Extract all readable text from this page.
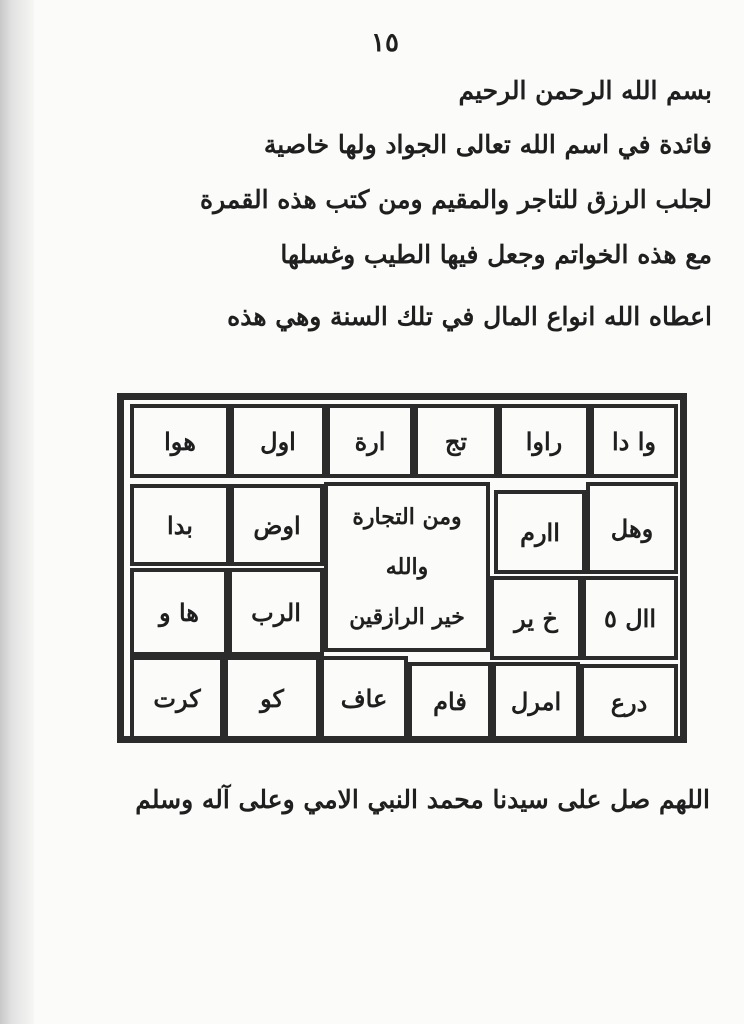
١٥
بسم الله الرحمن الرحيم
فائدة في اسم الله تعالى الجواد ولها خاصية
لجلب الرزق للتاجر والمقيم ومن كتب هذه القمرة
مع هذه الخواتم وجعل فيها الطيب وغسلها
اعطاه الله انواع المال في تلك السنة وهي هذه
وا دا
راوا
تج
ارة
اول
هوا
وهل
اارم
اوض
بدا	ومن التجارة
والله
خير الرازقين	اال ٥
خ ير
الرب
ها و
درع
امرل
فام
عاف
كو
كرت
اللهم صل على سيدنا محمد النبي الامي وعلى آله وسلم
